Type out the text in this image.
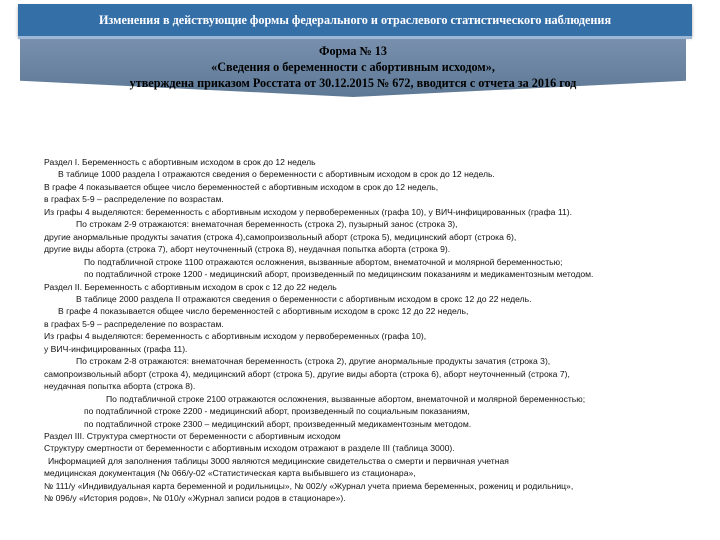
Изменения в действующие формы федерального и отраслевого статистического наблюдения
Форма № 13
«Сведения о беременности с абортивным исходом»,
утверждена приказом Росстата от 30.12.2015 № 672, вводится с отчета за 2016 год
Раздел I. Беременность с абортивным исходом в срок до 12 недель
В таблице 1000 раздела I отражаются сведения о беременности с абортивным исходом в срок до 12 недель.
В графе 4 показывается общее число беременностей с абортивным исходом в срок до 12 недель,
в графах 5-9 – распределение по возрастам.
Из графы 4 выделяются: беременность с абортивным исходом у первобеременных (графа 10), у ВИЧ-инфицированных (графа 11).
По строкам 2-9 отражаются: внематочная беременность (строка 2), пузырный занос (строка 3),
другие анормальные продукты зачатия (строка 4),самопроизвольный аборт (строка 5), медицинский аборт (строка 6),
другие виды аборта (строка 7), аборт неуточненный (строка 8), неудачная попытка аборта (строка 9).
По подтабличной строке 1100 отражаются осложнения, вызванные абортом, внематочной и молярной беременностью;
по подтабличной строке 1200 - медицинский аборт, произведенный по медицинским показаниям и медикаментозным методом.
Раздел II. Беременность с абортивным исходом в срок с 12 до 22 недель
В таблице 2000 раздела II отражаются сведения о беременности с абортивным исходом в срокс 12 до 22 недель.
В графе 4 показывается общее число беременностей с абортивным исходом в срокс 12 до 22 недель,
в графах 5-9 – распределение по возрастам.
Из графы 4 выделяются: беременность с абортивным исходом у первобеременных (графа 10),
у ВИЧ-инфицированных (графа 11).
По строкам 2-8 отражаются: внематочная беременность (строка 2), другие анормальные продукты зачатия (строка 3),
самопроизвольный аборт (строка 4), медицинский аборт (строка 5), другие виды аборта (строка 6), аборт неуточненный (строка 7),
неудачная попытка аборта (строка 8).
По подтабличной строке 2100 отражаются осложнения, вызванные абортом, внематочной и молярной беременностью;
по подтабличной строке 2200 - медицинский аборт, произведенный по социальным показаниям,
по подтабличной строке 2300 – медицинский аборт, произведенный медикаментозным методом.
Раздел III. Структура смертности от беременности с абортивным исходом
Структуру смертности от беременности с абортивным исходом отражают в разделе III (таблица 3000).
Информацией для заполнения таблицы 3000 являются медицинские свидетельства о смерти и первичная учетная
медицинская документация (№ 066/у-02 «Статистическая карта выбывшего из стационара»,
№ 111/у «Индивидуальная карта беременной и родильницы», № 002/у «Журнал учета приема беременных, рожениц и родильниц»,
№ 096/у «История родов», № 010/у «Журнал записи родов в стационаре»).
